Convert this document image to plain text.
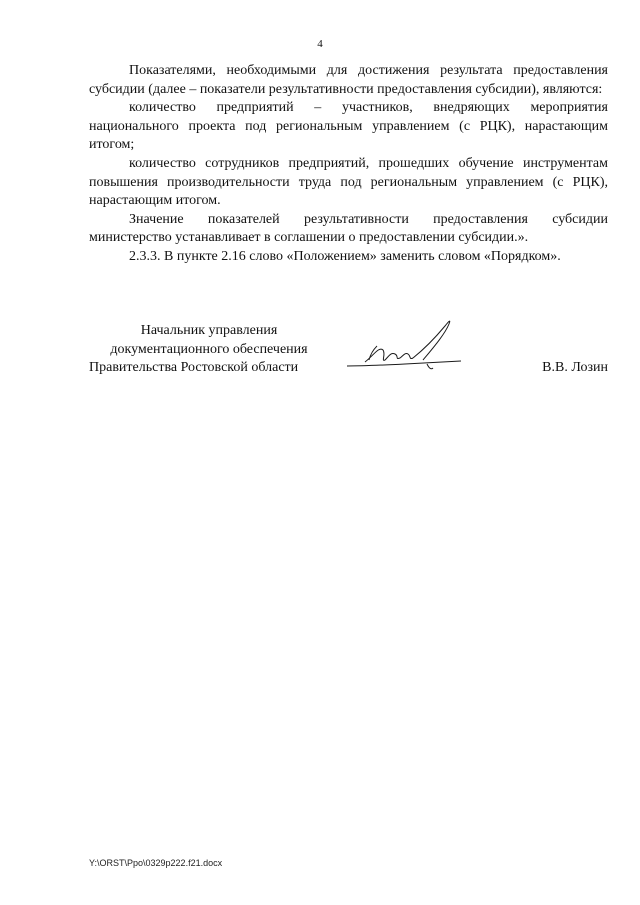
4

Показателями, необходимыми для достижения результата предоставления субсидии (далее – показатели результативности предоставления субсидии), являются:

количество предприятий – участников, внедряющих мероприятия национального проекта под региональным управлением (с РЦК), нарастающим итогом;

количество сотрудников предприятий, прошедших обучение инструментам повышения производительности труда под региональным управлением (с РЦК), нарастающим итогом.

Значение показателей результативности предоставления субсидии министерство устанавливает в соглашении о предоставлении субсидии.».

2.3.3. В пункте 2.16 слово «Положением» заменить словом «Порядком».

Начальник управления
документационного обеспечения
Правительства Ростовской области	В.В. Лозин
Y:\ORST\Ppo\0329p222.f21.docx
